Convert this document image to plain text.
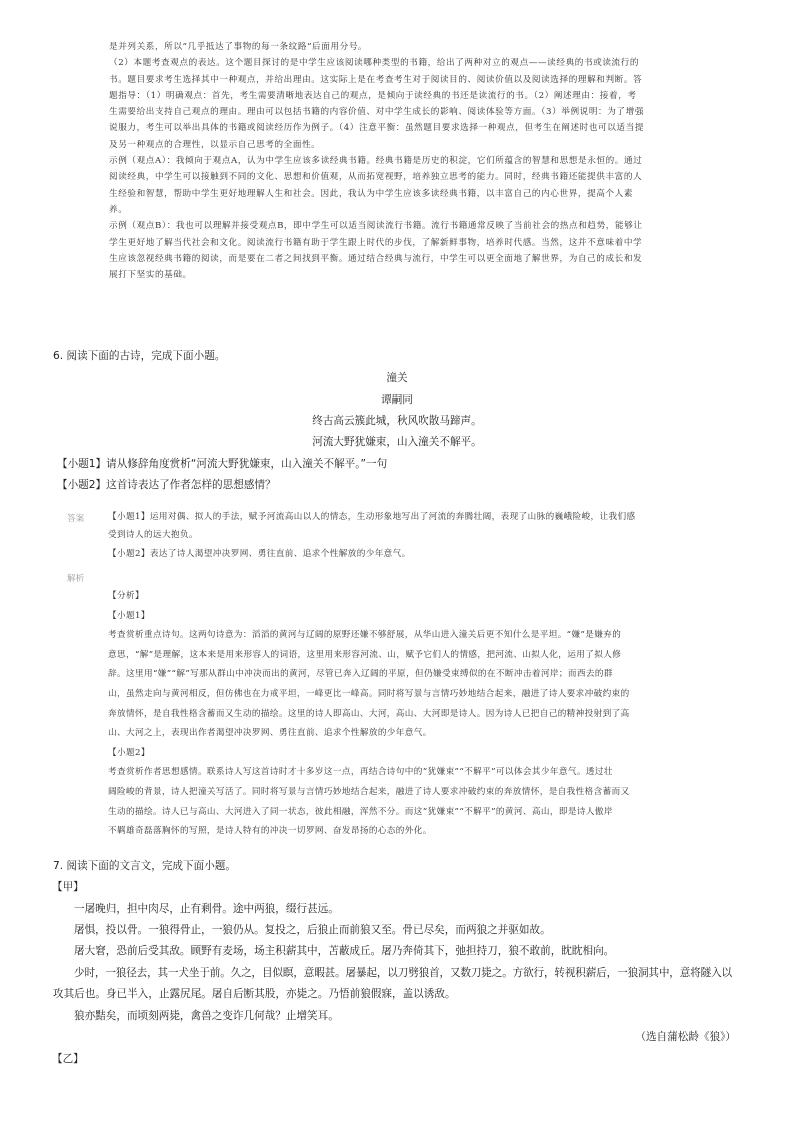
是并列关系，所以“几乎抵达了事物的每一条纹路”后面用分号。

（2）本题考查观点的表达。这个题目探讨的是中学生应该阅读哪种类型的书籍，给出了两种对立的观点——读经典的书或读流行的

书。题目要求考生选择其中一种观点，并给出理由。这实际上是在考查考生对于阅读目的、阅读价值以及阅读选择的理解和判断。答

题指导：（1）明确观点：首先，考生需要清晰地表达自己的观点，是倾向于读经典的书还是读流行的书。（2）阐述理由：接着，考

生需要给出支持自己观点的理由。理由可以包括书籍的内容价值、对中学生成长的影响、阅读体验等方面。（3）举例说明：为了增强

说服力，考生可以举出具体的书籍或阅读经历作为例子。（4）注意平衡：虽然题目要求选择一种观点，但考生在阐述时也可以适当提

及另一种观点的合理性，以显示自己思考的全面性。

示例（观点A）：我倾向于观点A，认为中学生应该多读经典书籍。经典书籍是历史的积淀，它们所蕴含的智慧和思想是永恒的。通过

阅读经典，中学生可以接触到不同的文化、思想和价值观，从而拓宽视野，培养独立思考的能力。同时，经典书籍还能提供丰富的人

生经验和智慧，帮助中学生更好地理解人生和社会。因此，我认为中学生应该多读经典书籍，以丰富自己的内心世界，提高个人素

养。

示例（观点B）：我也可以理解并接受观点B，即中学生可以适当阅读流行书籍。流行书籍通常反映了当前社会的热点和趋势，能够让

学生更好地了解当代社会和文化。阅读流行书籍有助于学生跟上时代的步伐，了解新鲜事物，培养时代感。当然，这并不意味着中学

生应该忽视经典书籍的阅读，而是要在二者之间找到平衡。通过结合经典与流行，中学生可以更全面地了解世界，为自己的成长和发

展打下坚实的基础。

6. 阅读下面的古诗，完成下面小题。
潼关
谭嗣同
终古高云簇此城，秋风吹散马蹄声。
河流大野犹嫌束，山入潼关不解平。
【小题1】请从修辞角度赏析“河流大野犹嫌束，山入潼关不解平。”一句
【小题2】这首诗表达了作者怎样的思想感情？
答案	【小题1】运用对偶、拟人的手法，赋予河流高山以人的情态，生动形象地写出了河流的奔腾壮阔，表现了山脉的巍峨险峻，让我们感

受到诗人的远大抱负。

【小题2】表达了诗人渴望冲决罗网、勇往直前、追求个性解放的少年意气。

解析

【分析】

【小题1】

考查赏析重点诗句。这两句诗意为：滔滔的黄河与辽阔的原野还嫌不够舒展，从华山进入潼关后更不知什么是平坦。“嫌”是嫌弃的

意思，“解”是理解，这本来是用来形容人的词语，这里用来形容河流、山，赋予它们人的情感，把河流、山拟人化，运用了拟人修

辞。这里用“嫌”“解”写那从群山中冲决而出的黄河，尽管已奔入辽阔的平原，但仍嫌受束缚似的在不断冲击着河岸；而西去的群

山，虽然走向与黄河相反，但仿佛也在力戒平坦，一峰更比一峰高。同时将写景与言情巧妙地结合起来，融进了诗人要求冲破约束的

奔放情怀，是自我性格含蓄而又生动的描绘。这里的诗人即高山、大河，高山、大河即是诗人。因为诗人已把自己的精神投射到了高

山、大河之上，表现出作者渴望冲决罗网、勇往直前、追求个性解放的少年意气。

【小题2】

考查赏析作者思想感情。联系诗人写这首诗时才十多岁这一点，再结合诗句中的“犹嫌束”“不解平”可以体会其少年意气。透过壮

阔险峻的背景，诗人把潼关写活了。同时将写景与言情巧妙地结合起来，融进了诗人要求冲破约束的奔放情怀，是自我性格含蓄而又

生动的描绘。诗人已与高山、大河进入了同一状态，彼此相融，浑然不分。而这“犹嫌束”“不解平”的黄河、高山，即是诗人傲岸

不羁雄奇磊落胸怀的写照，是诗人特有的冲决一切罗网、奋发昂扬的心态的外化。

7. 阅读下面的文言文，完成下面小题。
【甲】
一屠晚归，担中肉尽，止有剩骨。途中两狼，缀行甚远。
屠惧，投以骨。一狼得骨止，一狼仍从。复投之，后狼止而前狼又至。骨已尽矣，而两狼之并驱如故。
屠大窘，恐前后受其敌。顾野有麦场，场主积薪其中，苫蔽成丘。屠乃奔倚其下，弛担持刀，狼不敢前，眈眈相向。
少时，一狼径去，其一犬坐于前。久之，目似瞑，意暇甚。屠暴起，以刀劈狼首，又数刀毙之。方欲行，转视积薪后，一狼洞其中，意将隧入以
攻其后也。身已半入，止露尻尾。屠自后断其股，亦毙之。乃悟前狼假寐，盖以诱敌。
狼亦黠矣，而顷刻两毙，禽兽之变诈几何哉？止增笑耳。
（选自蒲松龄《狼》）
【乙】
